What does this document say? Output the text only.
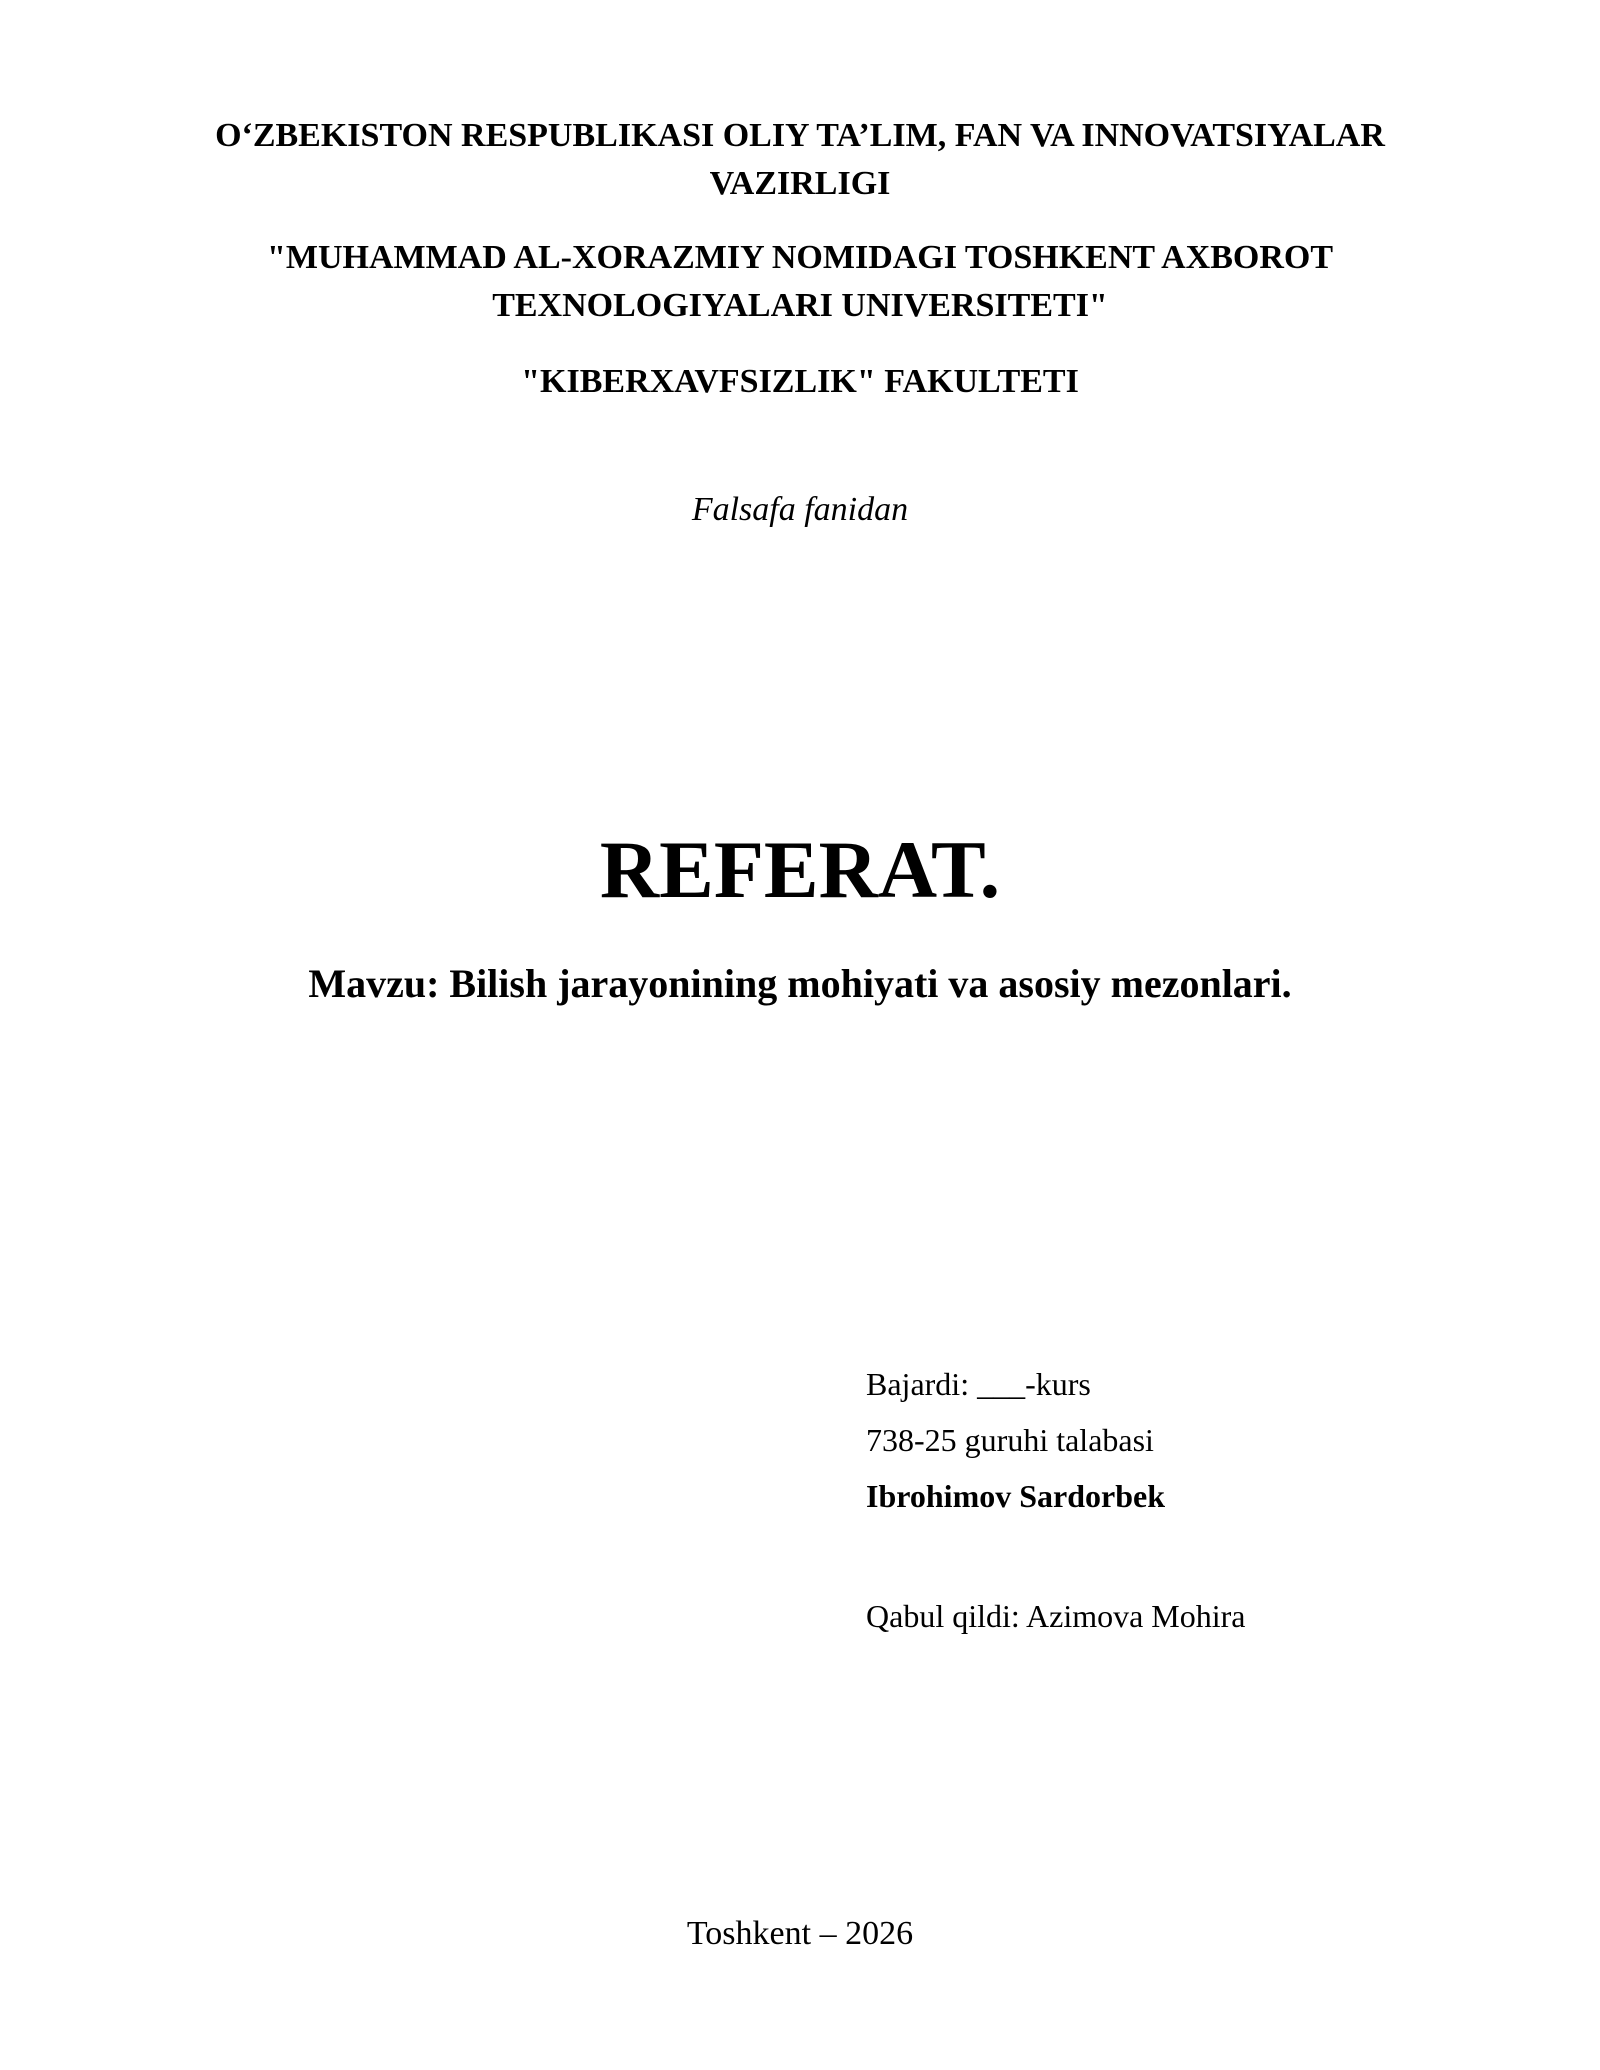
O‘ZBEKISTON RESPUBLIKASI OLIY TA’LIM, FAN VA INNOVATSIYALAR
VAZIRLIGI
"MUHAMMAD AL-XORAZMIY NOMIDAGI TOSHKENT AXBOROT
TEXNOLOGIYALARI UNIVERSITETI"
"KIBERXAVFSIZLIK" FAKULTETI
Falsafa fanidan
REFERAT.
Mavzu: Bilish jarayonining mohiyati va asosiy mezonlari.
Bajardi: ___-kurs
738-25 guruhi talabasi
Ibrohimov Sardorbek
Qabul qildi: Azimova Mohira
Toshkent – 2026
